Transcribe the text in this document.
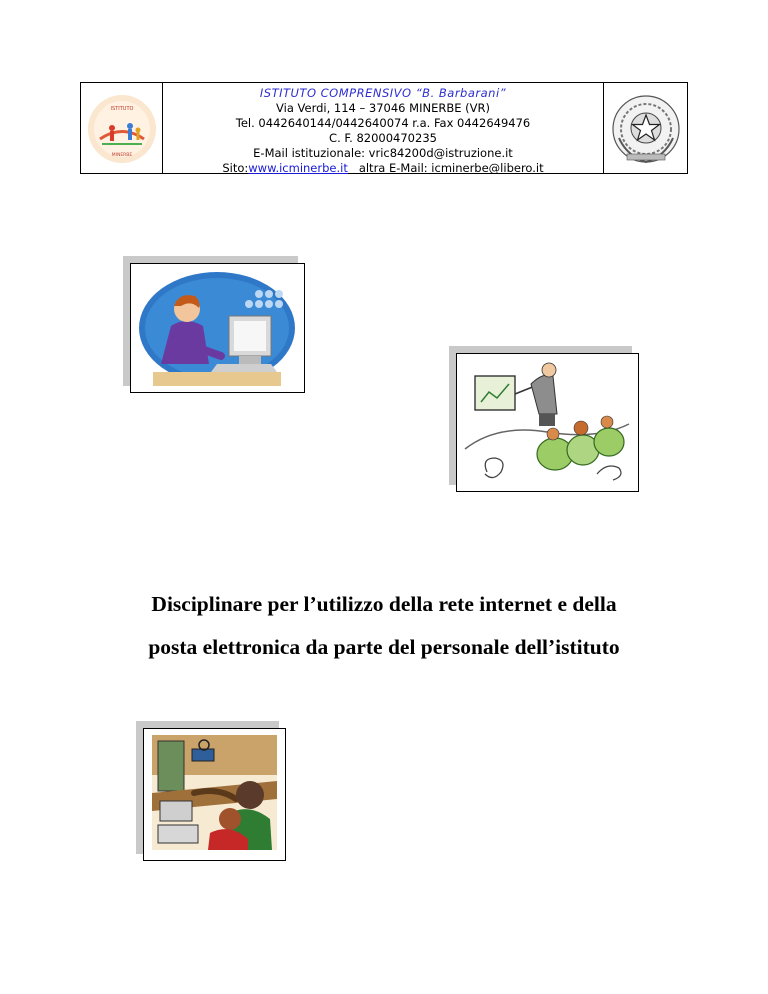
ISTITUTO
MINERBE
ISTITUTO COMPRENSIVO “B. Barbarani”
Via Verdi, 114 – 37046 MINERBE (VR)
Tel. 0442640144/0442640074 r.a. Fax 0442649476
C. F. 82000470235
E-Mail istituzionale: vric84200d@istruzione.it
Sito:www.icminerbe.it altra E-Mail: icminerbe@libero.it
Disciplinare per l’utilizzo della rete internet e della
posta elettronica da parte del personale dell’istituto
